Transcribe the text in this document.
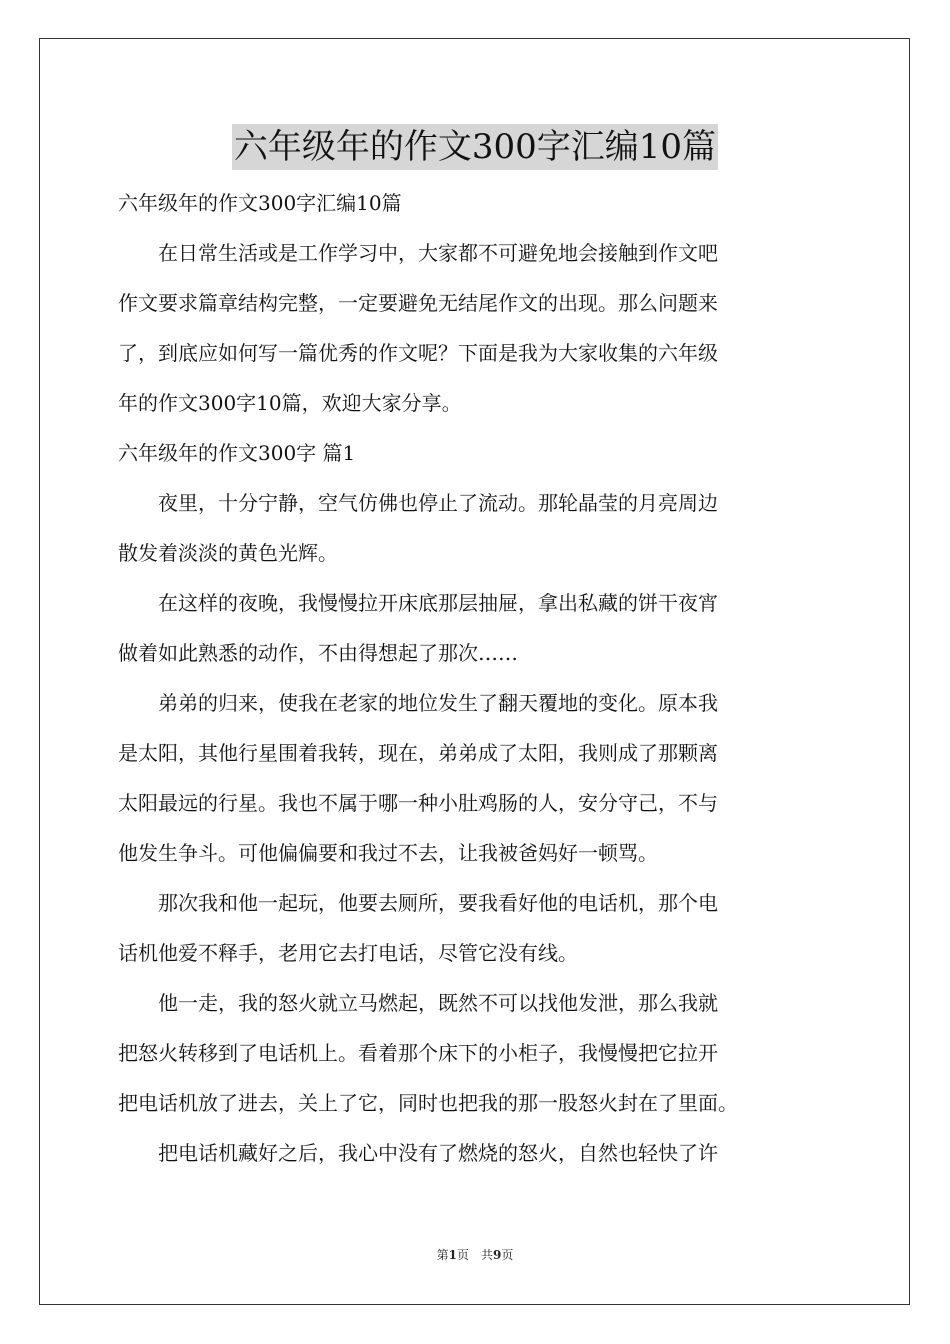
六年级年的作文300字汇编10篇
六年级年的作文300字汇编10篇
　　在日常生活或是工作学习中，大家都不可避免地会接触到作文吧
作文要求篇章结构完整，一定要避免无结尾作文的出现。那么问题来
了，到底应如何写一篇优秀的作文呢？下面是我为大家收集的六年级
年的作文300字10篇，欢迎大家分享。
六年级年的作文300字 篇1
　　夜里，十分宁静，空气仿佛也停止了流动。那轮晶莹的月亮周边
散发着淡淡的黄色光辉。
　　在这样的夜晚，我慢慢拉开床底那层抽屉，拿出私藏的饼干夜宵
做着如此熟悉的动作，不由得想起了那次……
　　弟弟的归来，使我在老家的地位发生了翻天覆地的变化。原本我
是太阳，其他行星围着我转，现在，弟弟成了太阳，我则成了那颗离
太阳最远的行星。我也不属于哪一种小肚鸡肠的人，安分守己，不与
他发生争斗。可他偏偏要和我过不去，让我被爸妈好一顿骂。
　　那次我和他一起玩，他要去厕所，要我看好他的电话机，那个电
话机他爱不释手，老用它去打电话，尽管它没有线。
　　他一走，我的怒火就立马燃起，既然不可以找他发泄，那么我就
把怒火转移到了电话机上。看着那个床下的小柜子，我慢慢把它拉开
把电话机放了进去，关上了它，同时也把我的那一股怒火封在了里面。
　　把电话机藏好之后，我心中没有了燃烧的怒火，自然也轻快了许
第1页　共9页
